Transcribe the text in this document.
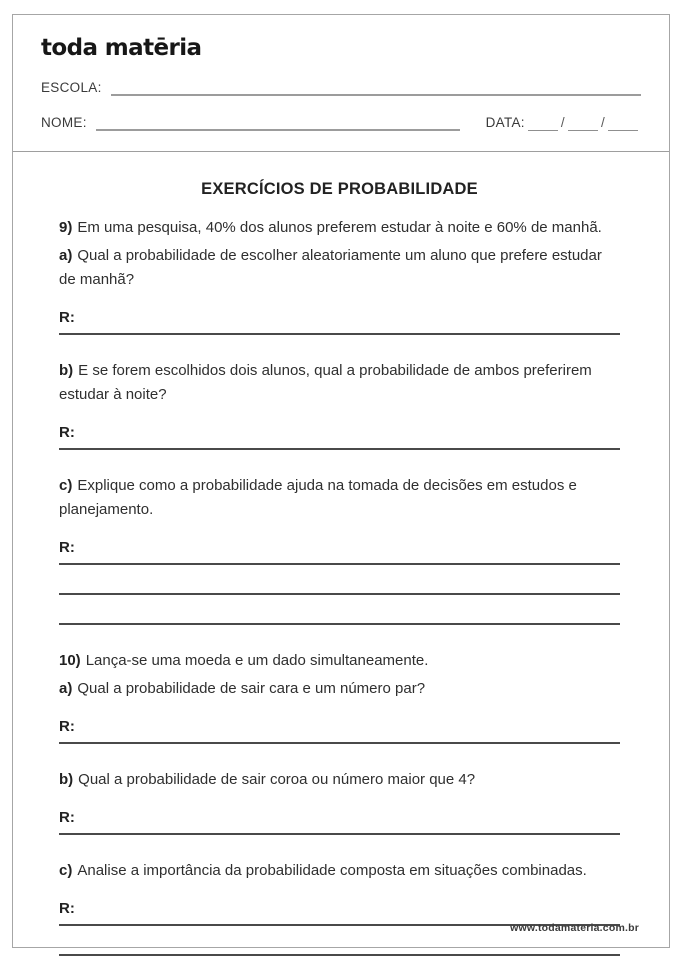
toda matēria
ESCOLA:
NOME:	DATA:	/	/
EXERCÍCIOS DE PROBABILIDADE

9) Em uma pesquisa, 40% dos alunos preferem estudar à noite e 60% de manhã.

a) Qual a probabilidade de escolher aleatoriamente um aluno que prefere estudar de manhã?

R:

b) E se forem escolhidos dois alunos, qual a probabilidade de ambos preferirem estudar à noite?

R:

c) Explique como a probabilidade ajuda na tomada de decisões em estudos e planejamento.

R:

10) Lança-se uma moeda e um dado simultaneamente.

a) Qual a probabilidade de sair cara e um número par?

R:

b) Qual a probabilidade de sair coroa ou número maior que 4?

R:

c) Analise a importância da probabilidade composta em situações combinadas.

R:
www.todamateria.com.br
